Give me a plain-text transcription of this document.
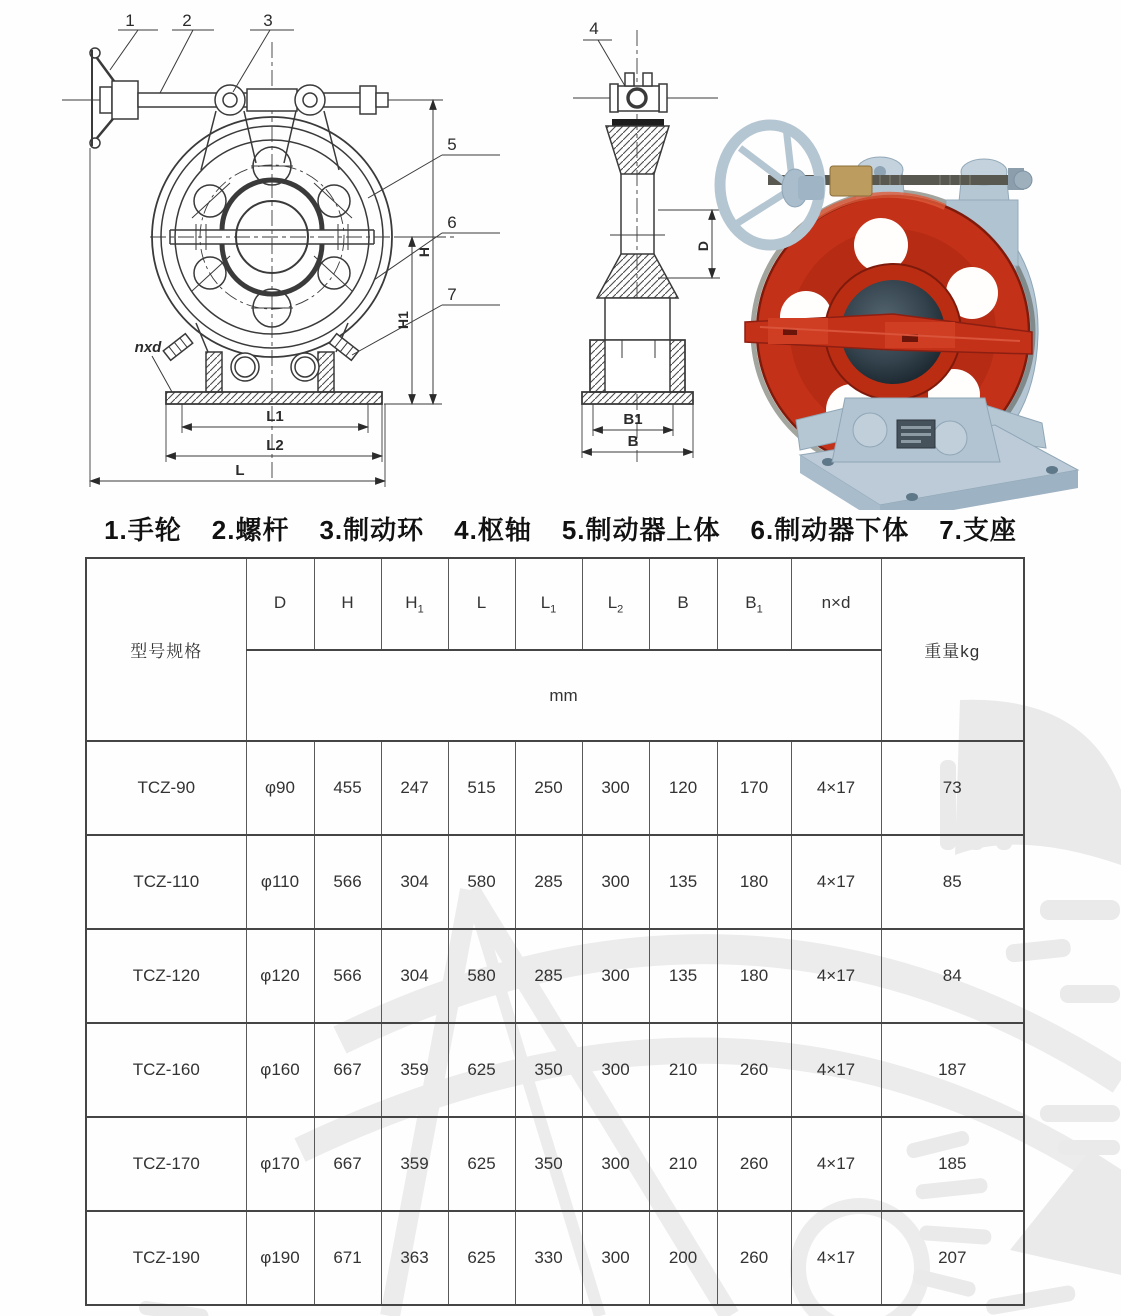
1	2	3
5
6
7
nxd
L1
L2
L
H1
H
4
D
B1
B
1.手轮 2.螺杆 3.制动环 4.枢轴 5.制动器上体 6.制动器下体 7.支座
型号规格	D	H	$H_1$	L	$L_1$	$L_2$	B	$B_1$	n×d	重量kg
	mm									
TCZ-90	φ90	455	247	515	250	300	120	170	4×17	73
TCZ-110	φ110	566	304	580	285	300	135	180	4×17	85
TCZ-120	φ120	566	304	580	285	300	135	180	4×17	84
TCZ-160	φ160	667	359	625	350	300	210	260	4×17	187
TCZ-170	φ170	667	359	625	350	300	210	260	4×17	185
TCZ-190	φ190	671	363	625	330	300	200	260	4×17	207
